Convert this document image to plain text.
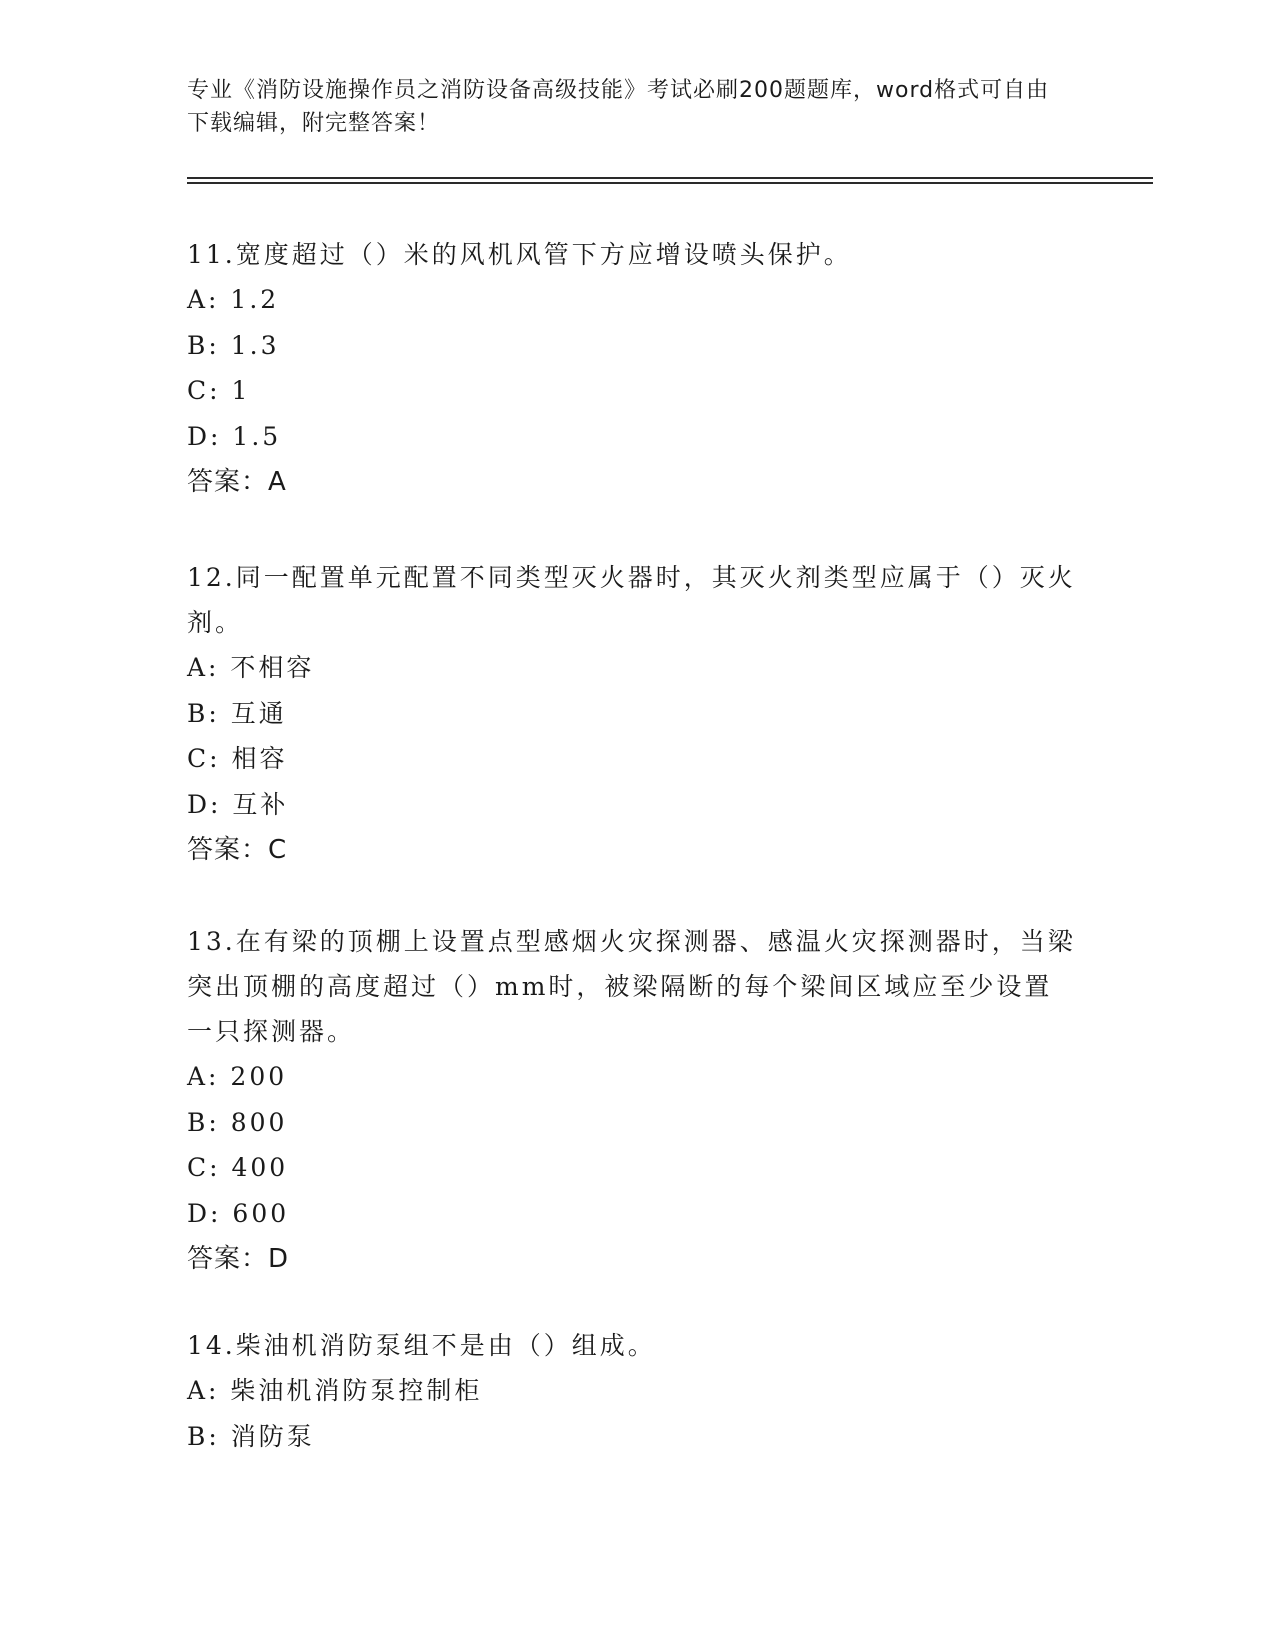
专业《消防设施操作员之消防设备高级技能》考试必刷200题题库，word格式可自由下载编辑，附完整答案！

11.宽度超过（）米的风机风管下方应增设喷头保护。

A: 1.2

B: 1.3

C: 1

D: 1.5

答案：A

12.同一配置单元配置不同类型灭火器时，其灭火剂类型应属于（）灭火剂。

A: 不相容

B: 互通

C: 相容

D: 互补

答案：C

13.在有梁的顶棚上设置点型感烟火灾探测器、感温火灾探测器时，当梁突出顶棚的高度超过（）mm时，被梁隔断的每个梁间区域应至少设置一只探测器。

A: 200

B: 800

C: 400

D: 600

答案：D

14.柴油机消防泵组不是由（）组成。

A: 柴油机消防泵控制柜

B: 消防泵
